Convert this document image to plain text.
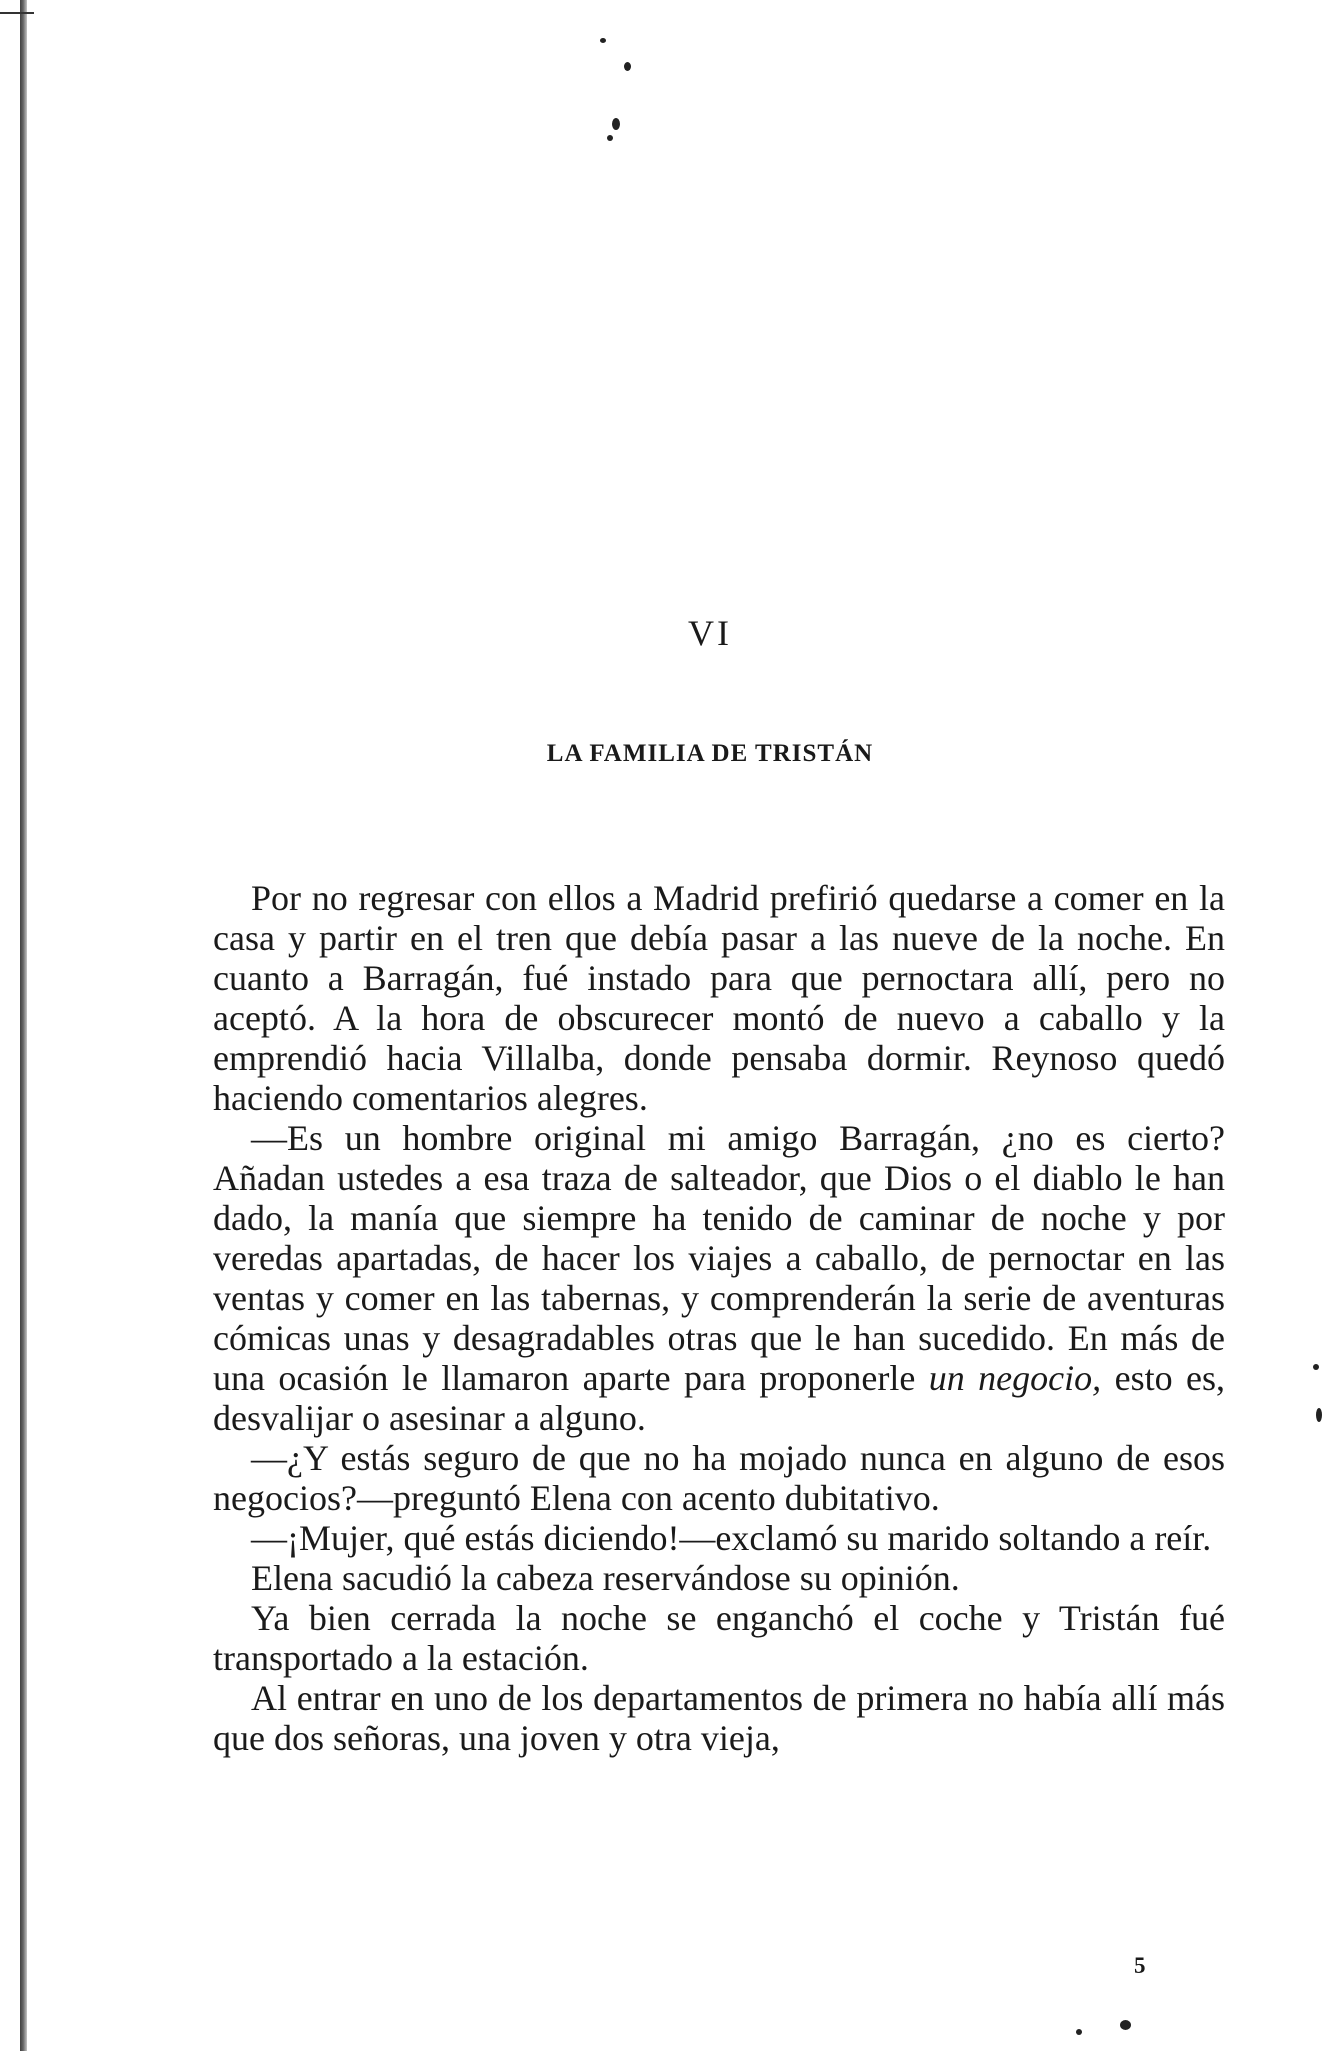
VI
LA FAMILIA DE TRISTÁN

Por no regresar con ellos a Madrid prefirió quedarse a comer en la casa y partir en el tren que debía pasar a las nueve de la noche. En cuanto a Barragán, fué instado para que pernoctara allí, pero no aceptó. A la hora de obscurecer montó de nuevo a caballo y la emprendió hacia Villalba, donde pensaba dormir. Reynoso quedó haciendo comentarios alegres.

—Es un hombre original mi amigo Barragán, ¿no es cierto? Añadan ustedes a esa traza de salteador, que Dios o el diablo le han dado, la manía que siempre ha tenido de caminar de noche y por veredas apartadas, de hacer los viajes a caballo, de pernoctar en las ventas y comer en las tabernas, y comprenderán la serie de aventuras cómicas unas y desagradables otras que le han sucedido. En más de una ocasión le llamaron aparte para proponerle un negocio, esto es, desvalijar o asesinar a alguno.

—¿Y estás seguro de que no ha mojado nunca en alguno de esos negocios?—preguntó Elena con acento dubitativo.

—¡Mujer, qué estás diciendo!—exclamó su marido soltando a reír.

Elena sacudió la cabeza reservándose su opinión.

Ya bien cerrada la noche se enganchó el coche y Tristán fué transportado a la estación.

Al entrar en uno de los departamentos de primera no había allí más que dos señoras, una joven y otra vieja,

5
